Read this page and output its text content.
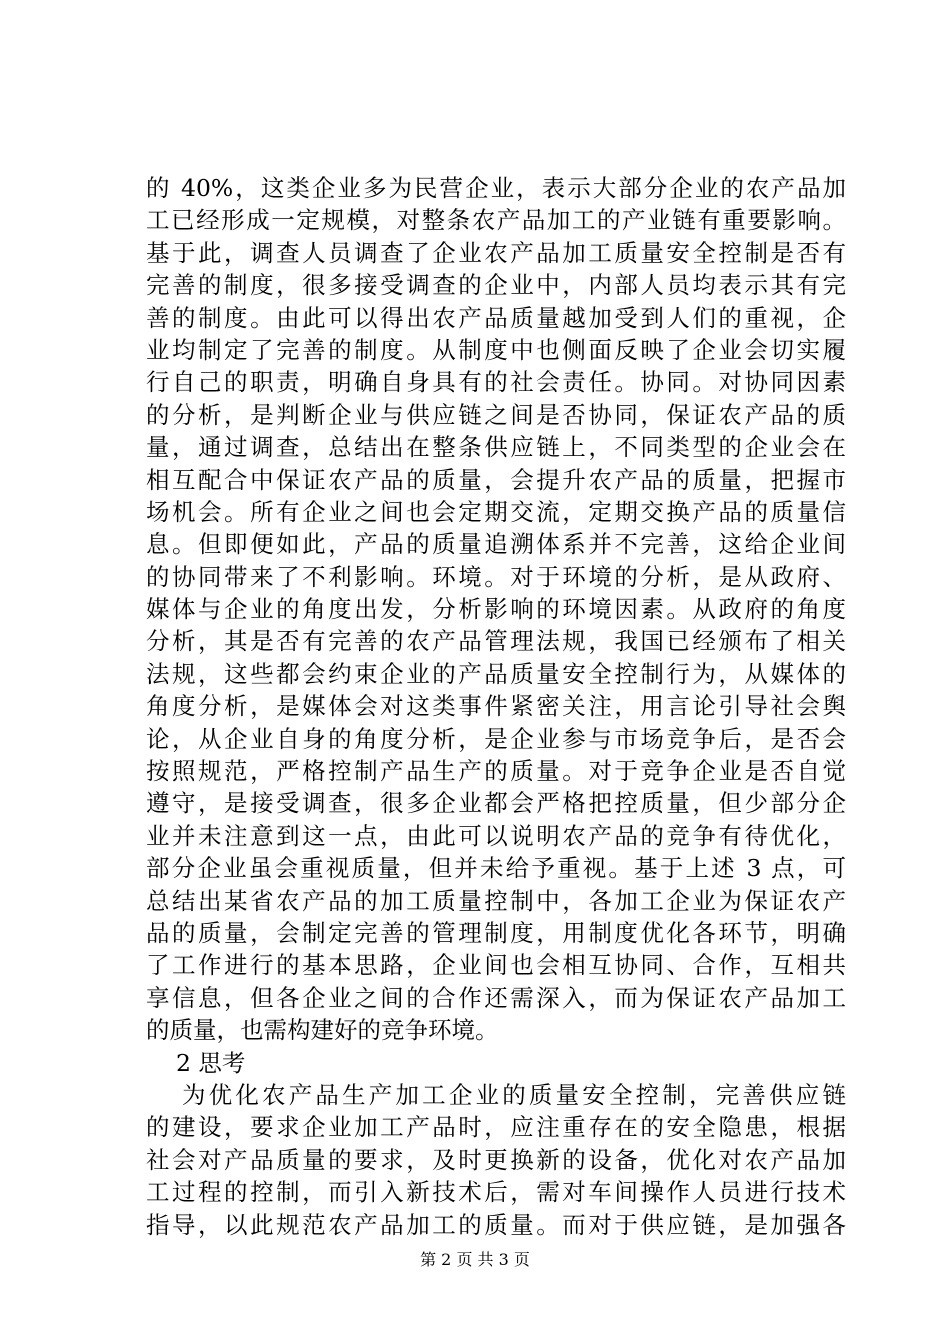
的 40%，这类企业多为民营企业，表示大部分企业的农产品加
工已经形成一定规模，对整条农产品加工的产业链有重要影响。
基于此，调查人员调查了企业农产品加工质量安全控制是否有
完善的制度，很多接受调查的企业中，内部人员均表示其有完
善的制度。由此可以得出农产品质量越加受到人们的重视，企
业均制定了完善的制度。从制度中也侧面反映了企业会切实履
行自己的职责，明确自身具有的社会责任。协同。对协同因素
的分析，是判断企业与供应链之间是否协同，保证农产品的质
量，通过调查，总结出在整条供应链上，不同类型的企业会在
相互配合中保证农产品的质量，会提升农产品的质量，把握市
场机会。所有企业之间也会定期交流，定期交换产品的质量信
息。但即便如此，产品的质量追溯体系并不完善，这给企业间
的协同带来了不利影响。环境。对于环境的分析，是从政府、
媒体与企业的角度出发，分析影响的环境因素。从政府的角度
分析，其是否有完善的农产品管理法规，我国已经颁布了相关
法规，这些都会约束企业的产品质量安全控制行为，从媒体的
角度分析，是媒体会对这类事件紧密关注，用言论引导社会舆
论，从企业自身的角度分析，是企业参与市场竞争后，是否会
按照规范，严格控制产品生产的质量。对于竞争企业是否自觉
遵守，是接受调查，很多企业都会严格把控质量，但少部分企
业并未注意到这一点，由此可以说明农产品的竞争有待优化，
部分企业虽会重视质量，但并未给予重视。基于上述 3 点，可
总结出某省农产品的加工质量控制中，各加工企业为保证农产
品的质量，会制定完善的管理制度，用制度优化各环节，明确
了工作进行的基本思路，企业间也会相互协同、合作，互相共
享信息，但各企业之间的合作还需深入，而为保证农产品加工
的质量，也需构建好的竞争环境。
2 思考
为优化农产品生产加工企业的质量安全控制，完善供应链
的建设，要求企业加工产品时，应注重存在的安全隐患，根据
社会对产品质量的要求，及时更换新的设备，优化对农产品加
工过程的控制，而引入新技术后，需对车间操作人员进行技术
指导，以此规范农产品加工的质量。而对于供应链，是加强各
第 2 页 共 3 页
